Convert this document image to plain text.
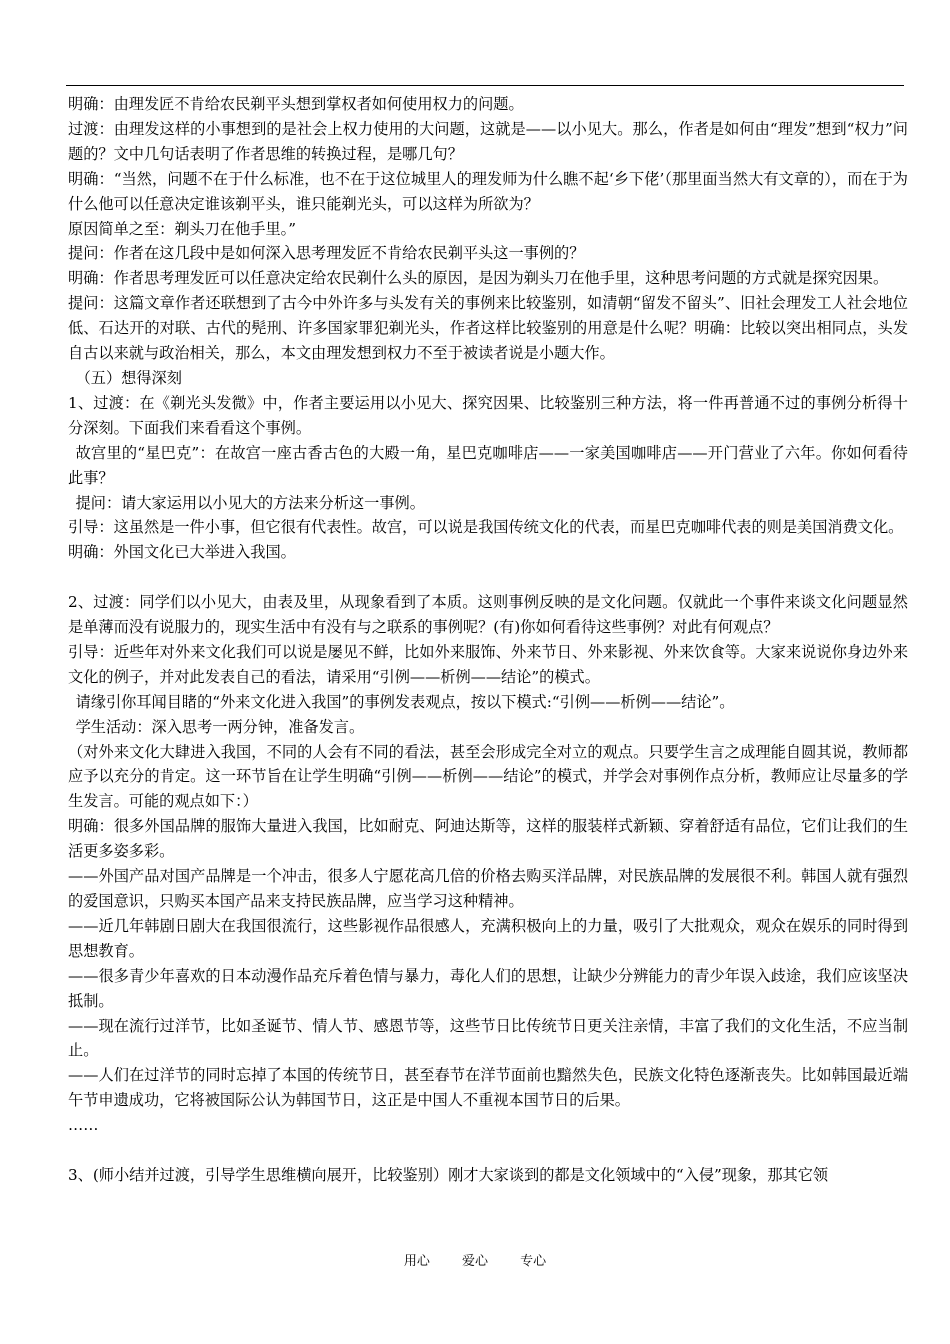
明确：由理发匠不肯给农民剃平头想到掌权者如何使用权力的问题。

过渡：由理发这样的小事想到的是社会上权力使用的大问题，这就是——以小见大。那么，作者是如何由“理发”想到“权力”问题的？文中几句话表明了作者思维的转换过程，是哪几句？

明确：“当然，问题不在于什么标准，也不在于这位城里人的理发师为什么瞧不起‘乡下佬’（那里面当然大有文章的），而在于为什么他可以任意决定谁该剃平头，谁只能剃光头，可以这样为所欲为？

原因简单之至：剃头刀在他手里。”

提问：作者在这几段中是如何深入思考理发匠不肯给农民剃平头这一事例的？

明确：作者思考理发匠可以任意决定给农民剃什么头的原因，是因为剃头刀在他手里，这种思考问题的方式就是探究因果。

提问：这篇文章作者还联想到了古今中外许多与头发有关的事例来比较鉴别，如清朝“留发不留头”、旧社会理发工人社会地位低、石达开的对联、古代的髡刑、许多国家罪犯剃光头，作者这样比较鉴别的用意是什么呢？明确：比较以突出相同点，头发自古以来就与政治相关，那么，本文由理发想到权力不至于被读者说是小题大作。

（五）想得深刻

1、过渡：在《剃光头发微》中，作者主要运用以小见大、探究因果、比较鉴别三种方法，将一件再普通不过的事例分析得十分深刻。下面我们来看看这个事例。

故宫里的“星巴克”：在故宫一座古香古色的大殿一角，星巴克咖啡店——一家美国咖啡店——开门营业了六年。你如何看待此事？

提问：请大家运用以小见大的方法来分析这一事例。

引导：这虽然是一件小事，但它很有代表性。故宫，可以说是我国传统文化的代表，而星巴克咖啡代表的则是美国消费文化。

明确：外国文化已大举进入我国。

2、过渡：同学们以小见大，由表及里，从现象看到了本质。这则事例反映的是文化问题。仅就此一个事件来谈文化问题显然是单薄而没有说服力的，现实生活中有没有与之联系的事例呢？(有)你如何看待这些事例？对此有何观点？

引导：近些年对外来文化我们可以说是屡见不鲜，比如外来服饰、外来节日、外来影视、外来饮食等。大家来说说你身边外来文化的例子，并对此发表自己的看法，请采用“引例——析例——结论”的模式。

请缘引你耳闻目睹的“外来文化进入我国”的事例发表观点，按以下模式:“引例——析例——结论”。

学生活动：深入思考一两分钟，准备发言。

（对外来文化大肆进入我国，不同的人会有不同的看法，甚至会形成完全对立的观点。只要学生言之成理能自圆其说，教师都应予以充分的肯定。这一环节旨在让学生明确“引例——析例——结论”的模式，并学会对事例作点分析，教师应让尽量多的学生发言。可能的观点如下：）

明确：很多外国品牌的服饰大量进入我国，比如耐克、阿迪达斯等，这样的服装样式新颖、穿着舒适有品位，它们让我们的生活更多姿多彩。

——外国产品对国产品牌是一个冲击，很多人宁愿花高几倍的价格去购买洋品牌，对民族品牌的发展很不利。韩国人就有强烈的爱国意识，只购买本国产品来支持民族品牌，应当学习这种精神。

——近几年韩剧日剧大在我国很流行，这些影视作品很感人，充满积极向上的力量，吸引了大批观众，观众在娱乐的同时得到思想教育。

——很多青少年喜欢的日本动漫作品充斥着色情与暴力，毒化人们的思想，让缺少分辨能力的青少年误入歧途，我们应该坚决抵制。

——现在流行过洋节，比如圣诞节、情人节、感恩节等，这些节日比传统节日更关注亲情，丰富了我们的文化生活，不应当制止。

——人们在过洋节的同时忘掉了本国的传统节日，甚至春节在洋节面前也黯然失色，民族文化特色逐渐丧失。比如韩国最近端午节申遗成功，它将被国际公认为韩国节日，这正是中国人不重视本国节日的后果。

……

3、(师小结并过渡，引导学生思维横向展开，比较鉴别）刚才大家谈到的都是文化领域中的“入侵”现象，那其它领

用心 爱心 专心
